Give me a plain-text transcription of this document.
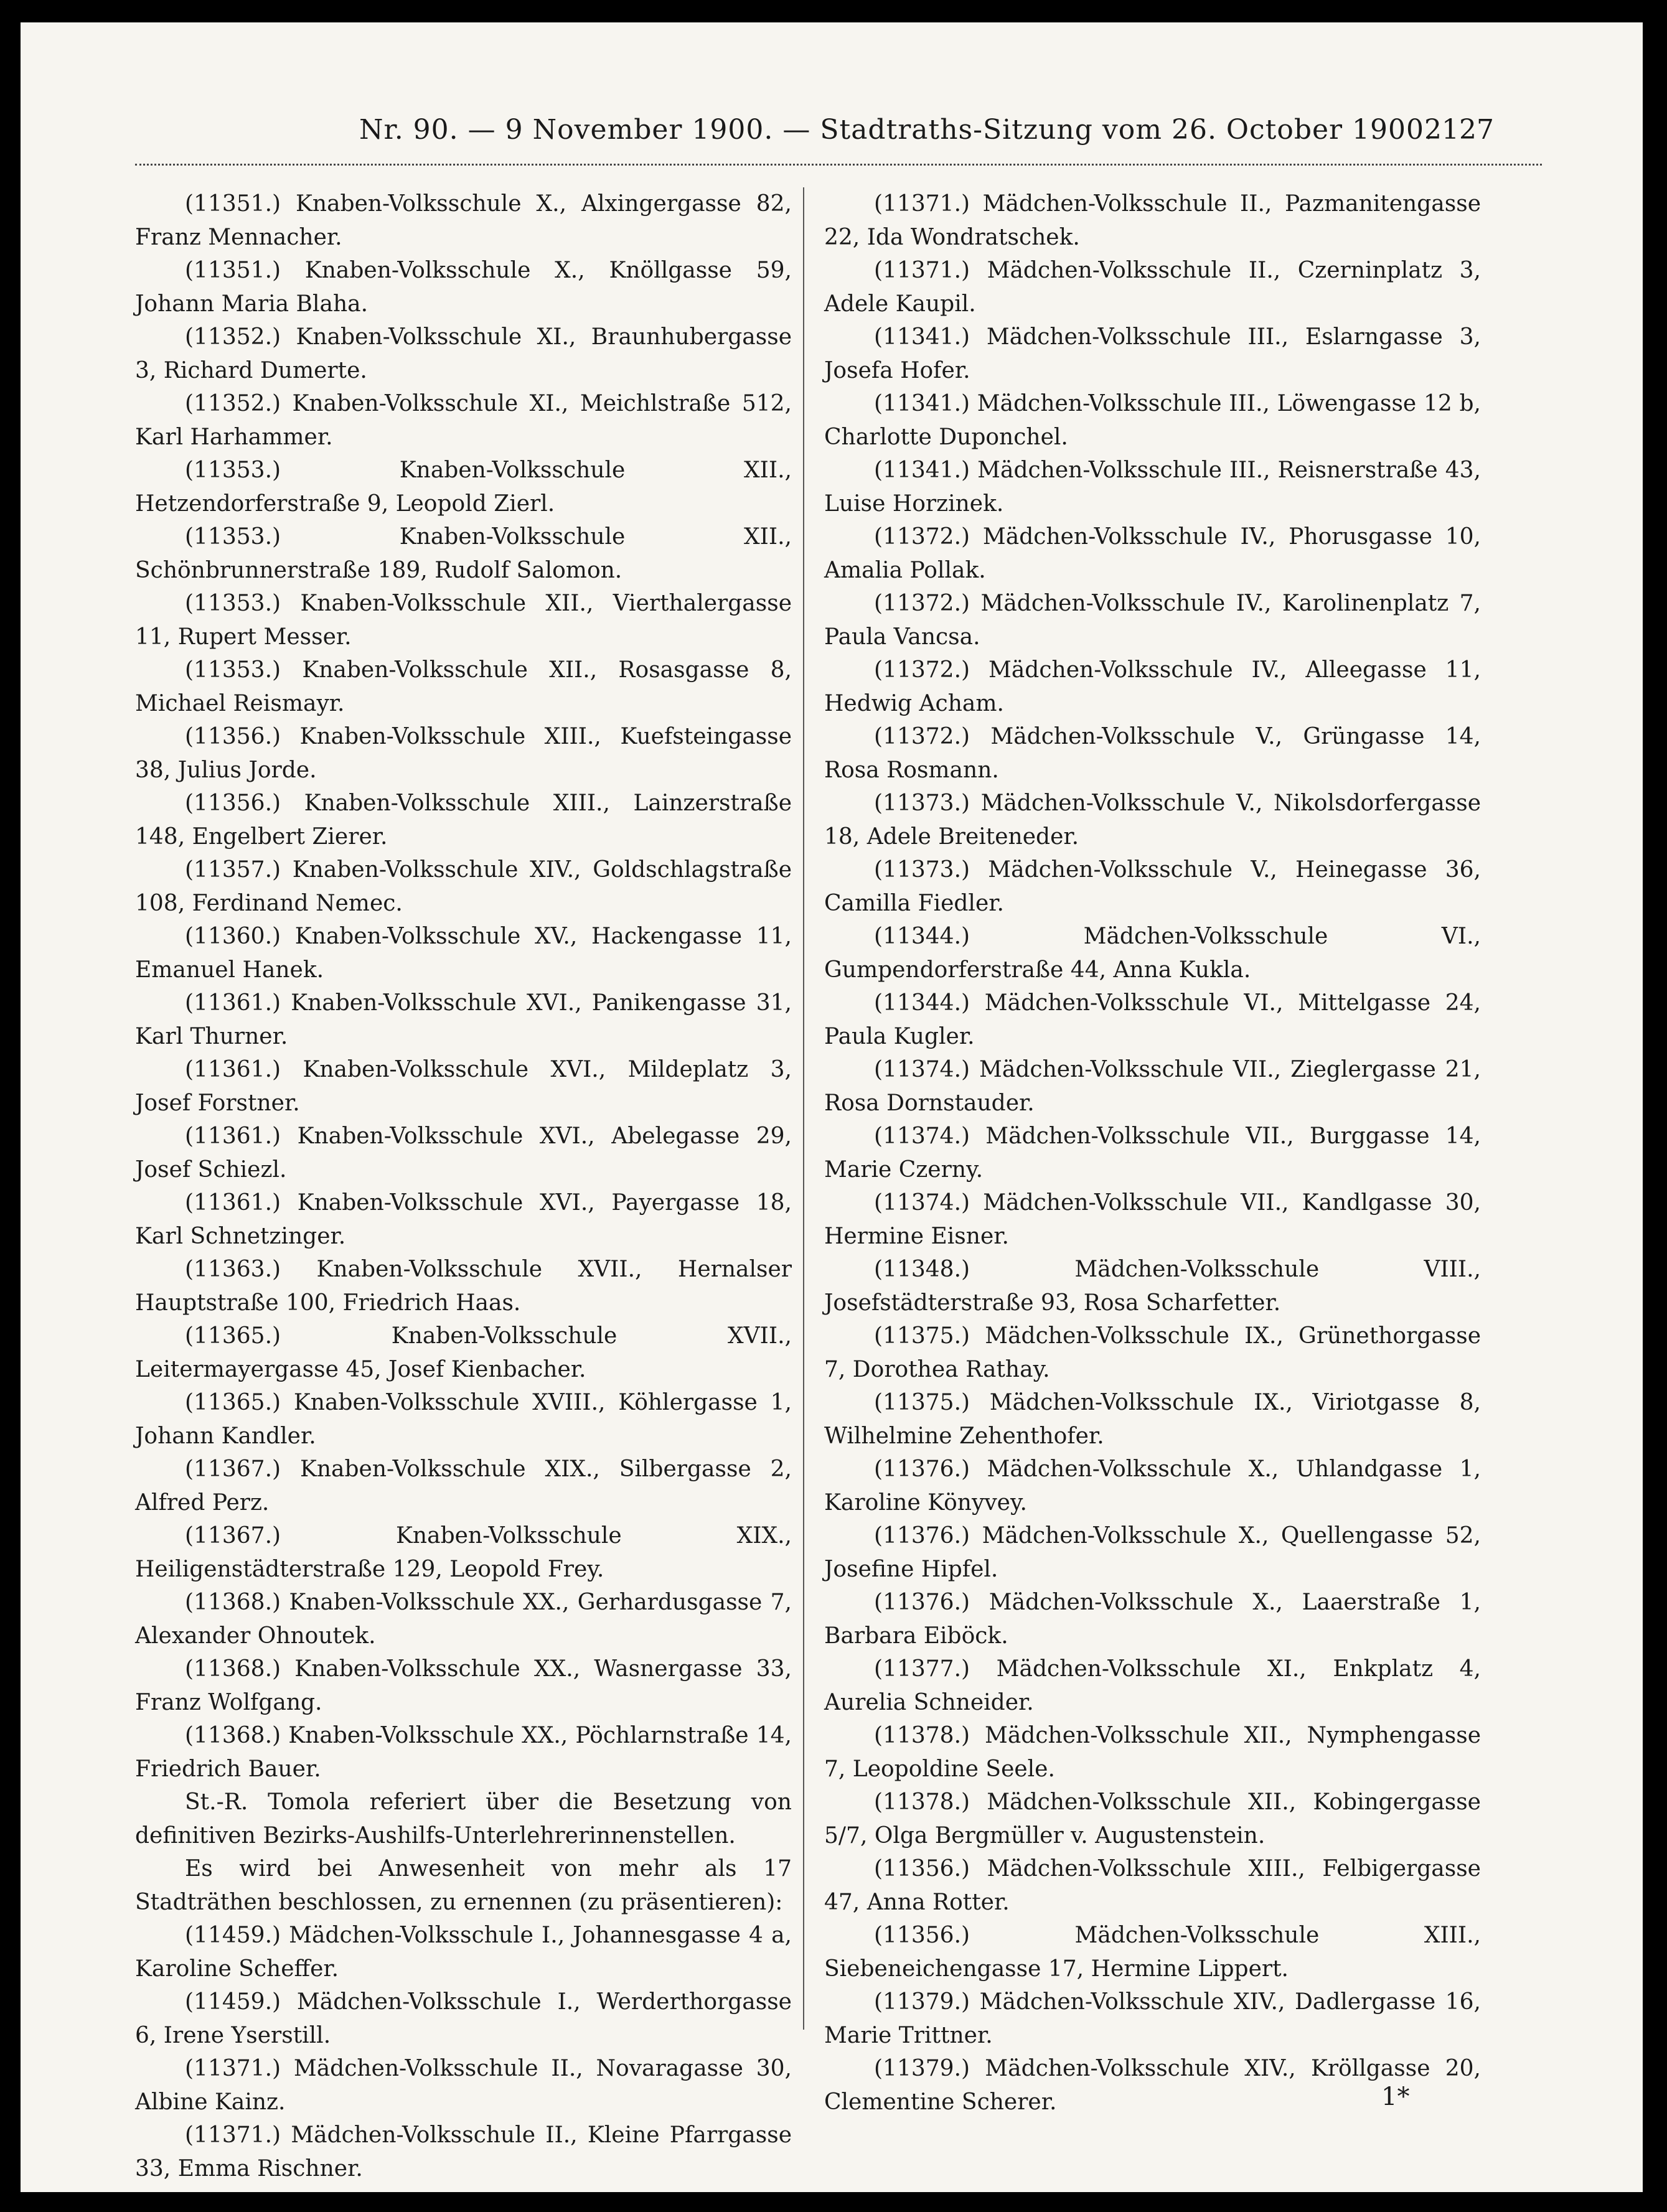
Nr. 90. — 9 November 1900. — Stadtraths-Sitzung vom 26. October 1900.
2127

(11351.) Knaben-Volksschule X., Alxingergasse 82, Franz Mennacher.

(11351.) Knaben-Volksschule X., Knöllgasse 59, Johann Maria Blaha.

(11352.) Knaben-Volksschule XI., Braunhubergasse 3, Richard Dumerte.

(11352.) Knaben-Volksschule XI., Meichlstraße 512, Karl Harhammer.

(11353.) Knaben-Volksschule XII., Hetzendorferstraße 9, Leopold Zierl.

(11353.) Knaben-Volksschule XII., Schönbrunnerstraße 189, Rudolf Salomon.

(11353.) Knaben-Volksschule XII., Vierthalergasse 11, Rupert Messer.

(11353.) Knaben-Volksschule XII., Rosasgasse 8, Michael Reismayr.

(11356.) Knaben-Volksschule XIII., Kuefsteingasse 38, Julius Jorde.

(11356.) Knaben-Volksschule XIII., Lainzerstraße 148, Engelbert Zierer.

(11357.) Knaben-Volksschule XIV., Goldschlagstraße 108, Ferdinand Nemec.

(11360.) Knaben-Volksschule XV., Hackengasse 11, Emanuel Hanek.

(11361.) Knaben-Volksschule XVI., Panikengasse 31, Karl Thurner.

(11361.) Knaben-Volksschule XVI., Mildeplatz 3, Josef Forstner.

(11361.) Knaben-Volksschule XVI., Abelegasse 29, Josef Schiezl.

(11361.) Knaben-Volksschule XVI., Payergasse 18, Karl Schnetzinger.

(11363.) Knaben-Volksschule XVII., Hernalser Hauptstraße 100, Friedrich Haas.

(11365.) Knaben-Volksschule XVII., Leitermayergasse 45, Josef Kienbacher.

(11365.) Knaben-Volksschule XVIII., Köhlergasse 1, Johann Kandler.

(11367.) Knaben-Volksschule XIX., Silbergasse 2, Alfred Perz.

(11367.) Knaben-Volksschule XIX., Heiligenstädterstraße 129, Leopold Frey.

(11368.) Knaben-Volksschule XX., Gerhardusgasse 7, Alexander Ohnoutek.

(11368.) Knaben-Volksschule XX., Wasnergasse 33, Franz Wolfgang.

(11368.) Knaben-Volksschule XX., Pöchlarnstraße 14, Friedrich Bauer.

St.-R. Tomola referiert über die Besetzung von definitiven Bezirks-Aushilfs-Unterlehrerinnenstellen.

Es wird bei Anwesenheit von mehr als 17 Stadträthen beschlossen, zu ernennen (zu präsentieren):

(11459.) Mädchen-Volksschule I., Johannesgasse 4 a, Karoline Scheffer.

(11459.) Mädchen-Volksschule I., Werderthorgasse 6, Irene Yserstill.

(11371.) Mädchen-Volksschule II., Novaragasse 30, Albine Kainz.

(11371.) Mädchen-Volksschule II., Kleine Pfarrgasse 33, Emma Rischner.

(11371.) Mädchen-Volksschule II., Pazmanitengasse 22, Ida Wondratschek.

(11371.) Mädchen-Volksschule II., Czerninplatz 3, Adele Kaupil.

(11341.) Mädchen-Volksschule III., Eslarngasse 3, Josefa Hofer.

(11341.) Mädchen-Volksschule III., Löwengasse 12 b, Charlotte Duponchel.

(11341.) Mädchen-Volksschule III., Reisnerstraße 43, Luise Horzinek.

(11372.) Mädchen-Volksschule IV., Phorusgasse 10, Amalia Pollak.

(11372.) Mädchen-Volksschule IV., Karolinenplatz 7, Paula Vancsa.

(11372.) Mädchen-Volksschule IV., Alleegasse 11, Hedwig Acham.

(11372.) Mädchen-Volksschule V., Grüngasse 14, Rosa Rosmann.

(11373.) Mädchen-Volksschule V., Nikolsdorfergasse 18, Adele Breiteneder.

(11373.) Mädchen-Volksschule V., Heinegasse 36, Camilla Fiedler.

(11344.) Mädchen-Volksschule VI., Gumpendorferstraße 44, Anna Kukla.

(11344.) Mädchen-Volksschule VI., Mittelgasse 24, Paula Kugler.

(11374.) Mädchen-Volksschule VII., Zieglergasse 21, Rosa Dornstauder.

(11374.) Mädchen-Volksschule VII., Burggasse 14, Marie Czerny.

(11374.) Mädchen-Volksschule VII., Kandlgasse 30, Hermine Eisner.

(11348.) Mädchen-Volksschule VIII., Josefstädterstraße 93, Rosa Scharfetter.

(11375.) Mädchen-Volksschule IX., Grünethorgasse 7, Dorothea Rathay.

(11375.) Mädchen-Volksschule IX., Viriotgasse 8, Wilhelmine Zehenthofer.

(11376.) Mädchen-Volksschule X., Uhlandgasse 1, Karoline Könyvey.

(11376.) Mädchen-Volksschule X., Quellengasse 52, Josefine Hipfel.

(11376.) Mädchen-Volksschule X., Laaerstraße 1, Barbara Eiböck.

(11377.) Mädchen-Volksschule XI., Enkplatz 4, Aurelia Schneider.

(11378.) Mädchen-Volksschule XII., Nymphengasse 7, Leopoldine Seele.

(11378.) Mädchen-Volksschule XII., Kobingergasse 5/7, Olga Bergmüller v. Augustenstein.

(11356.) Mädchen-Volksschule XIII., Felbigergasse 47, Anna Rotter.

(11356.) Mädchen-Volksschule XIII., Siebeneichengasse 17, Hermine Lippert.

(11379.) Mädchen-Volksschule XIV., Dadlergasse 16, Marie Trittner.

(11379.) Mädchen-Volksschule XIV., Kröllgasse 20, Clementine Scherer.	1*
